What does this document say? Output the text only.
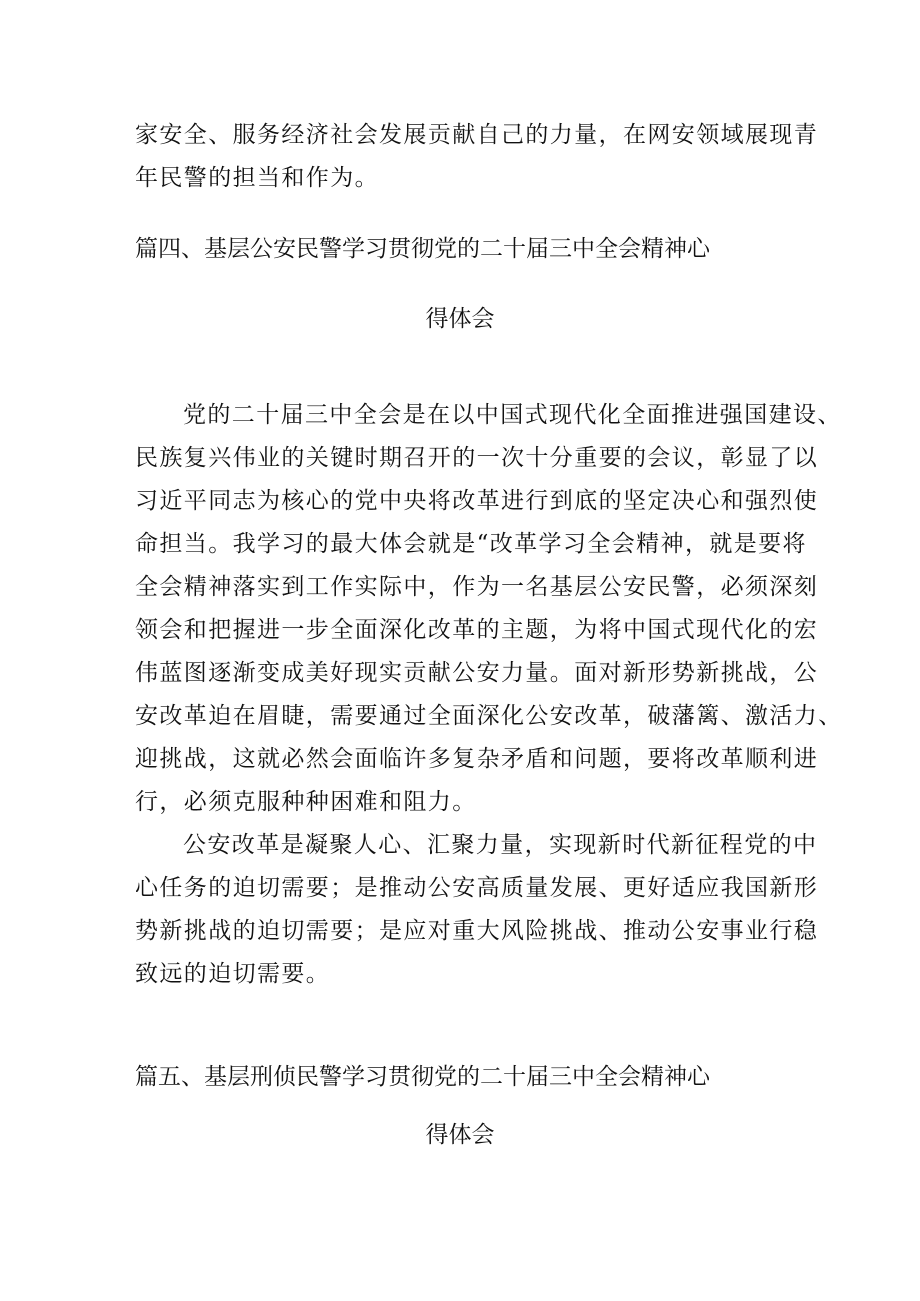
家安全、服务经济社会发展贡献自己的力量，在网安领域展现青
年民警的担当和作为。
篇四、基层公安民警学习贯彻党的二十届三中全会精神心
得体会
党的二十届三中全会是在以中国式现代化全面推进强国建设、
民族复兴伟业的关键时期召开的一次十分重要的会议，彰显了以
习近平同志为核心的党中央将改革进行到底的坚定决心和强烈使
命担当。我学习的最大体会就是“改革学习全会精神，就是要将
全会精神落实到工作实际中，作为一名基层公安民警，必须深刻
领会和把握进一步全面深化改革的主题，为将中国式现代化的宏
伟蓝图逐渐变成美好现实贡献公安力量。面对新形势新挑战，公
安改革迫在眉睫，需要通过全面深化公安改革，破藩篱、激活力、
迎挑战，这就必然会面临许多复杂矛盾和问题，要将改革顺利进
行，必须克服种种困难和阻力。
公安改革是凝聚人心、汇聚力量，实现新时代新征程党的中
心任务的迫切需要；是推动公安高质量发展、更好适应我国新形
势新挑战的迫切需要；是应对重大风险挑战、推动公安事业行稳
致远的迫切需要。
篇五、基层刑侦民警学习贯彻党的二十届三中全会精神心
得体会
